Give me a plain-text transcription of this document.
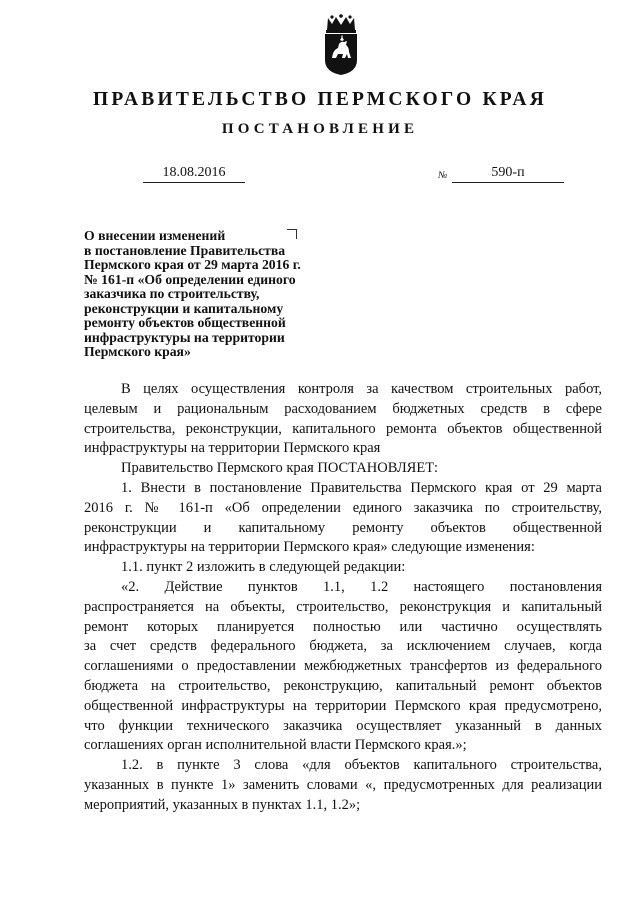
ПРАВИТЕЛЬСТВО ПЕРМСКОГО КРАЯ
ПОСТАНОВЛЕНИЕ
18.08.2016	№	590-п
О внесении изменений
в постановление Правительства
Пермского края от 29 марта 2016 г.
№ 161-п «Об определении единого
заказчика по строительству,
реконструкции и капитальному
ремонту объектов общественной
инфраструктуры на территории
Пермского края»
В целях осуществления контроля за качеством строительных работ,
целевым и рациональным расходованием бюджетных средств в сфере
строительства, реконструкции, капитального ремонта объектов общественной
инфраструктуры на территории Пермского края
Правительство Пермского края ПОСТАНОВЛЯЕТ:
1. Внести в постановление Правительства Пермского края от 29 марта
2016 г. № 161-п «Об определении единого заказчика по строительству,
реконструкции и капитальному ремонту объектов общественной
инфраструктуры на территории Пермского края» следующие изменения:
1.1. пункт 2 изложить в следующей редакции:
«2. Действие пунктов 1.1, 1.2 настоящего постановления
распространяется на объекты, строительство, реконструкция и капитальный
ремонт которых планируется полностью или частично осуществлять
за счет средств федерального бюджета, за исключением случаев, когда
соглашениями о предоставлении межбюджетных трансфертов из федерального
бюджета на строительство, реконструкцию, капитальный ремонт объектов
общественной инфраструктуры на территории Пермского края предусмотрено,
что функции технического заказчика осуществляет указанный в данных
соглашениях орган исполнительной власти Пермского края.»;
1.2. в пункте 3 слова «для объектов капитального строительства,
указанных в пункте 1» заменить словами «, предусмотренных для реализации
мероприятий, указанных в пунктах 1.1, 1.2»;
